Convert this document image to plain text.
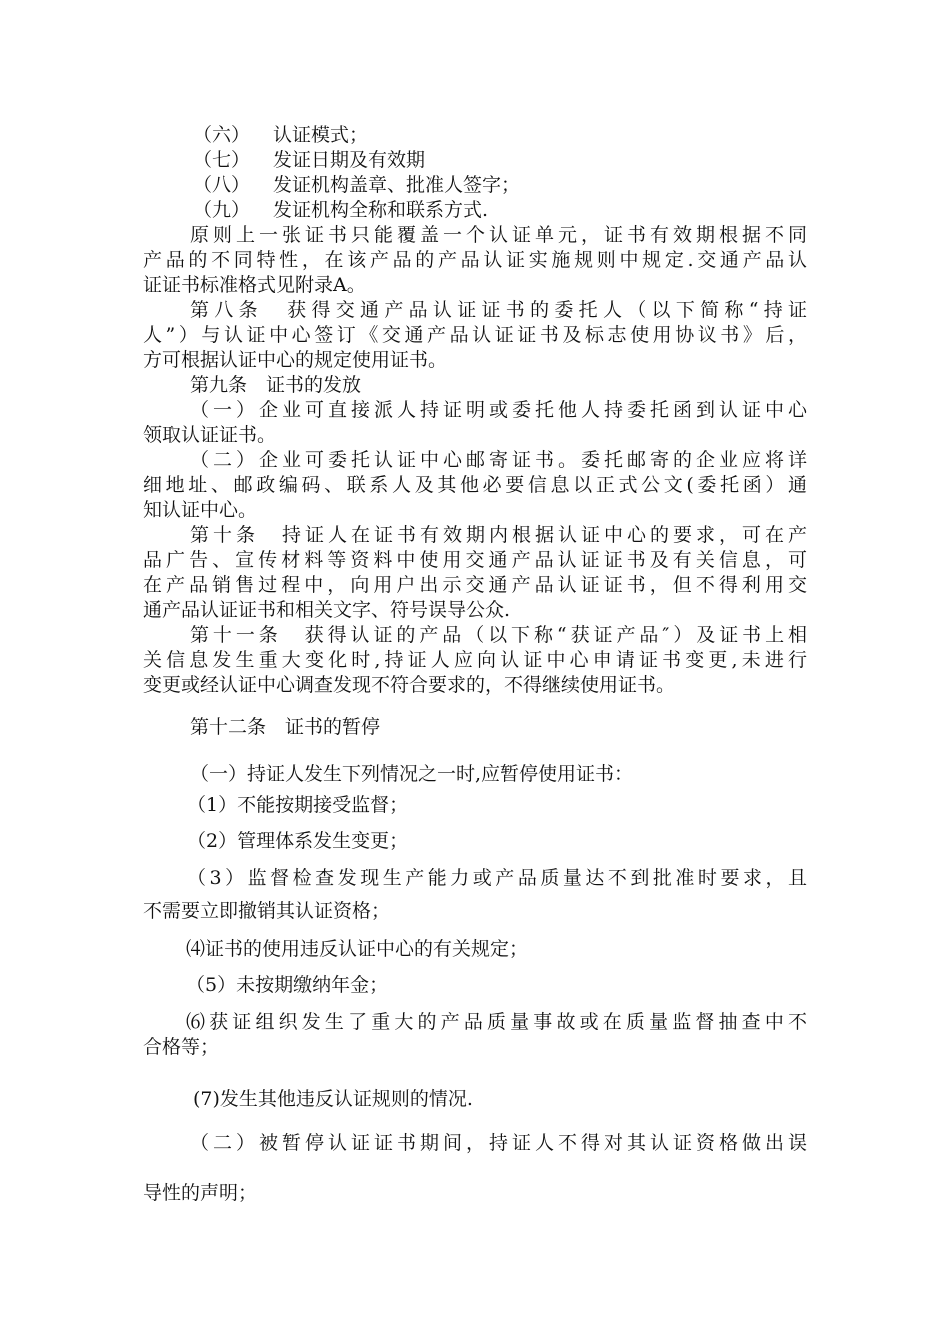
（六） 认证模式；
（七） 发证日期及有效期
（八） 发证机构盖章、批准人签字；
（九） 发证机构全称和联系方式.
原则上一张证书只能覆盖一个认证单元，证书有效期根据不同
产品的不同特性，在该产品的产品认证实施规则中规定.交通产品认
证证书标准格式见附录A。
第八条　获得交通产品认证证书的委托人（以下简称“持证
人”）与认证中心签订《交通产品认证证书及标志使用协议书》后，
方可根据认证中心的规定使用证书。
第九条　证书的发放
（一）企业可直接派人持证明或委托他人持委托函到认证中心
领取认证证书。
（二）企业可委托认证中心邮寄证书。委托邮寄的企业应将详
细地址、邮政编码、联系人及其他必要信息以正式公文(委托函）通
知认证中心。
第十条　持证人在证书有效期内根据认证中心的要求，可在产
品广告、宣传材料等资料中使用交通产品认证证书及有关信息，可
在产品销售过程中，向用户出示交通产品认证证书，但不得利用交
通产品认证证书和相关文字、符号误导公众.
第十一条　获得认证的产品（以下称“获证产品″）及证书上相
关信息发生重大变化时,持证人应向认证中心申请证书变更,未进行
变更或经认证中心调查发现不符合要求的，不得继续使用证书。
第十二条　证书的暂停
（一）持证人发生下列情况之一时,应暂停使用证书：
（1）不能按期接受监督；
（2）管理体系发生变更；
（3）监督检查发现生产能力或产品质量达不到批准时要求，且
不需要立即撤销其认证资格；
⑷证书的使用违反认证中心的有关规定；
（5）未按期缴纳年金；
⑹获证组织发生了重大的产品质量事故或在质量监督抽查中不
合格等；
(7)发生其他违反认证规则的情况.
（二）被暂停认证证书期间，持证人不得对其认证资格做出误
导性的声明；
